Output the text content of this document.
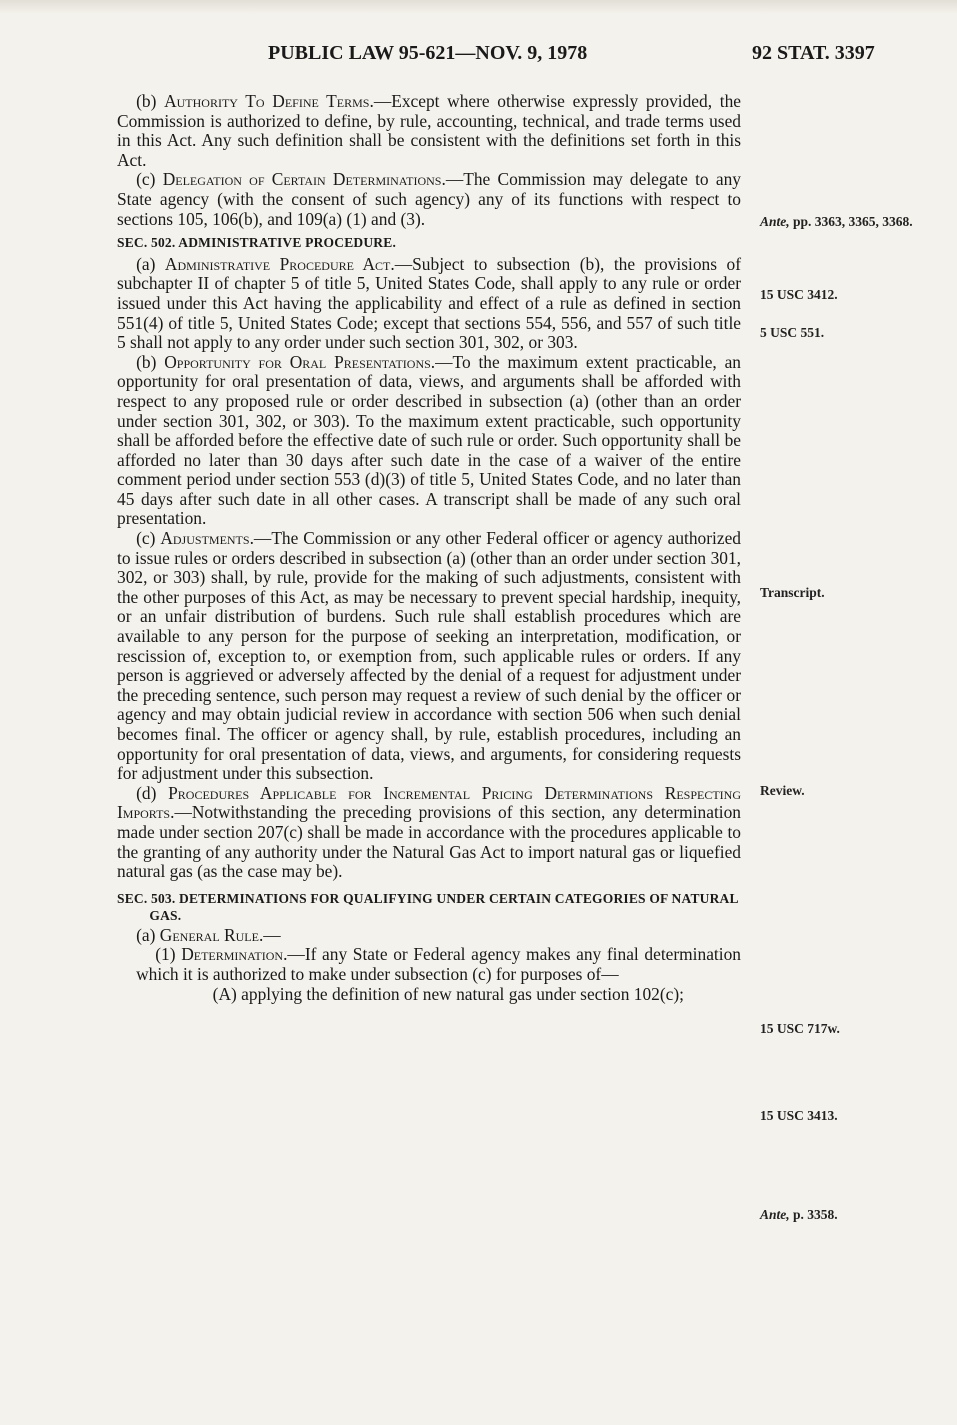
PUBLIC LAW 95-621—NOV. 9, 1978	92 STAT. 3397

(b) Authority To Define Terms.—Except where otherwise expressly provided, the Commission is authorized to define, by rule, accounting, technical, and trade terms used in this Act. Any such definition shall be consistent with the definitions set forth in this Act.

(c) Delegation of Certain Determinations.—The Commission may delegate to any State agency (with the consent of such agency) any of its functions with respect to sections 105, 106(b), and 109(a) (1) and (3).

SEC. 502. ADMINISTRATIVE PROCEDURE.

(a) Administrative Procedure Act.—Subject to subsection (b), the provisions of subchapter II of chapter 5 of title 5, United States Code, shall apply to any rule or order issued under this Act having the applicability and effect of a rule as defined in section 551(4) of title 5, United States Code; except that sections 554, 556, and 557 of such title 5 shall not apply to any order under such section 301, 302, or 303.

(b) Opportunity for Oral Presentations.—To the maximum extent practicable, an opportunity for oral presentation of data, views, and arguments shall be afforded with respect to any proposed rule or order described in subsection (a) (other than an order under section 301, 302, or 303). To the maximum extent practicable, such opportunity shall be afforded before the effective date of such rule or order. Such opportunity shall be afforded no later than 30 days after such date in the case of a waiver of the entire comment period under section 553 (d)(3) of title 5, United States Code, and no later than 45 days after such date in all other cases. A transcript shall be made of any such oral presentation.

(c) Adjustments.—The Commission or any other Federal officer or agency authorized to issue rules or orders described in subsection (a) (other than an order under section 301, 302, or 303) shall, by rule, provide for the making of such adjustments, consistent with the other purposes of this Act, as may be necessary to prevent special hardship, inequity, or an unfair distribution of burdens. Such rule shall establish procedures which are available to any person for the purpose of seeking an interpretation, modification, or rescission of, exception to, or exemption from, such applicable rules or orders. If any person is aggrieved or adversely affected by the denial of a request for adjustment under the preceding sentence, such person may request a review of such denial by the officer or agency and may obtain judicial review in accordance with section 506 when such denial becomes final. The officer or agency shall, by rule, establish procedures, including an opportunity for oral presentation of data, views, and arguments, for considering requests for adjustment under this subsection.

(d) Procedures Applicable for Incremental Pricing Determinations Respecting Imports.—Notwithstanding the preceding provisions of this section, any determination made under section 207(c) shall be made in accordance with the procedures applicable to the granting of any authority under the Natural Gas Act to import natural gas or liquefied natural gas (as the case may be).

SEC. 503. DETERMINATIONS FOR QUALIFYING UNDER CERTAIN CATEGORIES OF NATURAL GAS.

(a) General Rule.—

(1) Determination.—If any State or Federal agency makes any final determination which it is authorized to make under subsection (c) for purposes of—

(A) applying the definition of new natural gas under section 102(c);

Ante, pp. 3363, 3365, 3368.
15 USC 3412.
5 USC 551.
Transcript.
Review.
15 USC 717w.
15 USC 3413.
Ante, p. 3358.
